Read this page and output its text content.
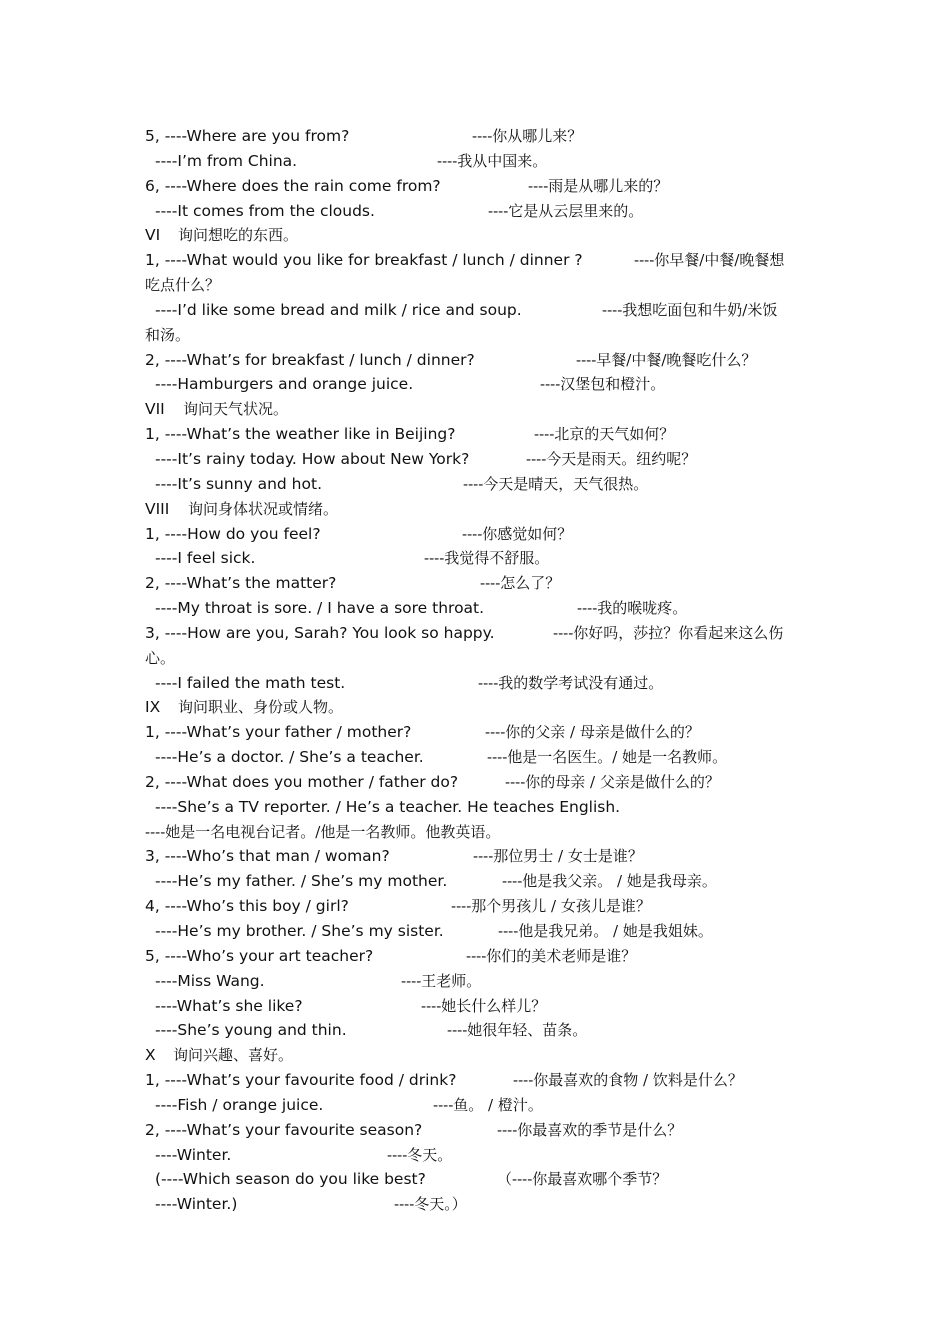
5, ----Where are you from?	----你从哪儿来？
----I’m from China.	----我从中国来。
6, ----Where does the rain come from?	----雨是从哪儿来的？
----It comes from the clouds.	----它是从云层里来的。
VI 询问想吃的东西。
1, ----What would you like for breakfast / lunch / dinner ?	----你早餐/中餐/晚餐想
吃点什么？
----I’d like some bread and milk / rice and soup.	----我想吃面包和牛奶/米饭
和汤。
2, ----What’s for breakfast / lunch / dinner?	----早餐/中餐/晚餐吃什么？
----Hamburgers and orange juice.	----汉堡包和橙汁。
VII 询问天气状况。
1, ----What’s the weather like in Beijing?	----北京的天气如何？
----It’s rainy today. How about New York?	----今天是雨天。纽约呢？
----It’s sunny and hot.	----今天是晴天，天气很热。
VIII 询问身体状况或情绪。
1, ----How do you feel?	----你感觉如何？
----I feel sick.	----我觉得不舒服。
2, ----What’s the matter?	----怎么了？
----My throat is sore. / I have a sore throat.	----我的喉咙疼。
3, ----How are you, Sarah? You look so happy.	----你好吗，莎拉？你看起来这么伤
心。
----I failed the math test.	----我的数学考试没有通过。
IX 询问职业、身份或人物。
1, ----What’s your father / mother?	----你的父亲 / 母亲是做什么的？
----He’s a doctor. / She’s a teacher.	----他是一名医生。/ 她是一名教师。
2, ----What does you mother / father do?	----你的母亲 / 父亲是做什么的？
----She’s a TV reporter. / He’s a teacher. He teaches English.
----她是一名电视台记者。/他是一名教师。他教英语。
3, ----Who’s that man / woman?	----那位男士 / 女士是谁？
----He’s my father. / She’s my mother.	----他是我父亲。 / 她是我母亲。
4, ----Who’s this boy / girl?	----那个男孩儿 / 女孩儿是谁？
----He’s my brother. / She’s my sister.	----他是我兄弟。 / 她是我姐妹。
5, ----Who’s your art teacher?	----你们的美术老师是谁？
----Miss Wang.	----王老师。
----What’s she like?	----她长什么样儿？
----She’s young and thin.	----她很年轻、苗条。
X 询问兴趣、喜好。
1, ----What’s your favourite food / drink?	----你最喜欢的食物 / 饮料是什么？
----Fish / orange juice.	----鱼。 / 橙汁。
2, ----What’s your favourite season?	----你最喜欢的季节是什么？
----Winter.	----冬天。
(----Which season do you like best?	（----你最喜欢哪个季节？
----Winter.)	----冬天。）
